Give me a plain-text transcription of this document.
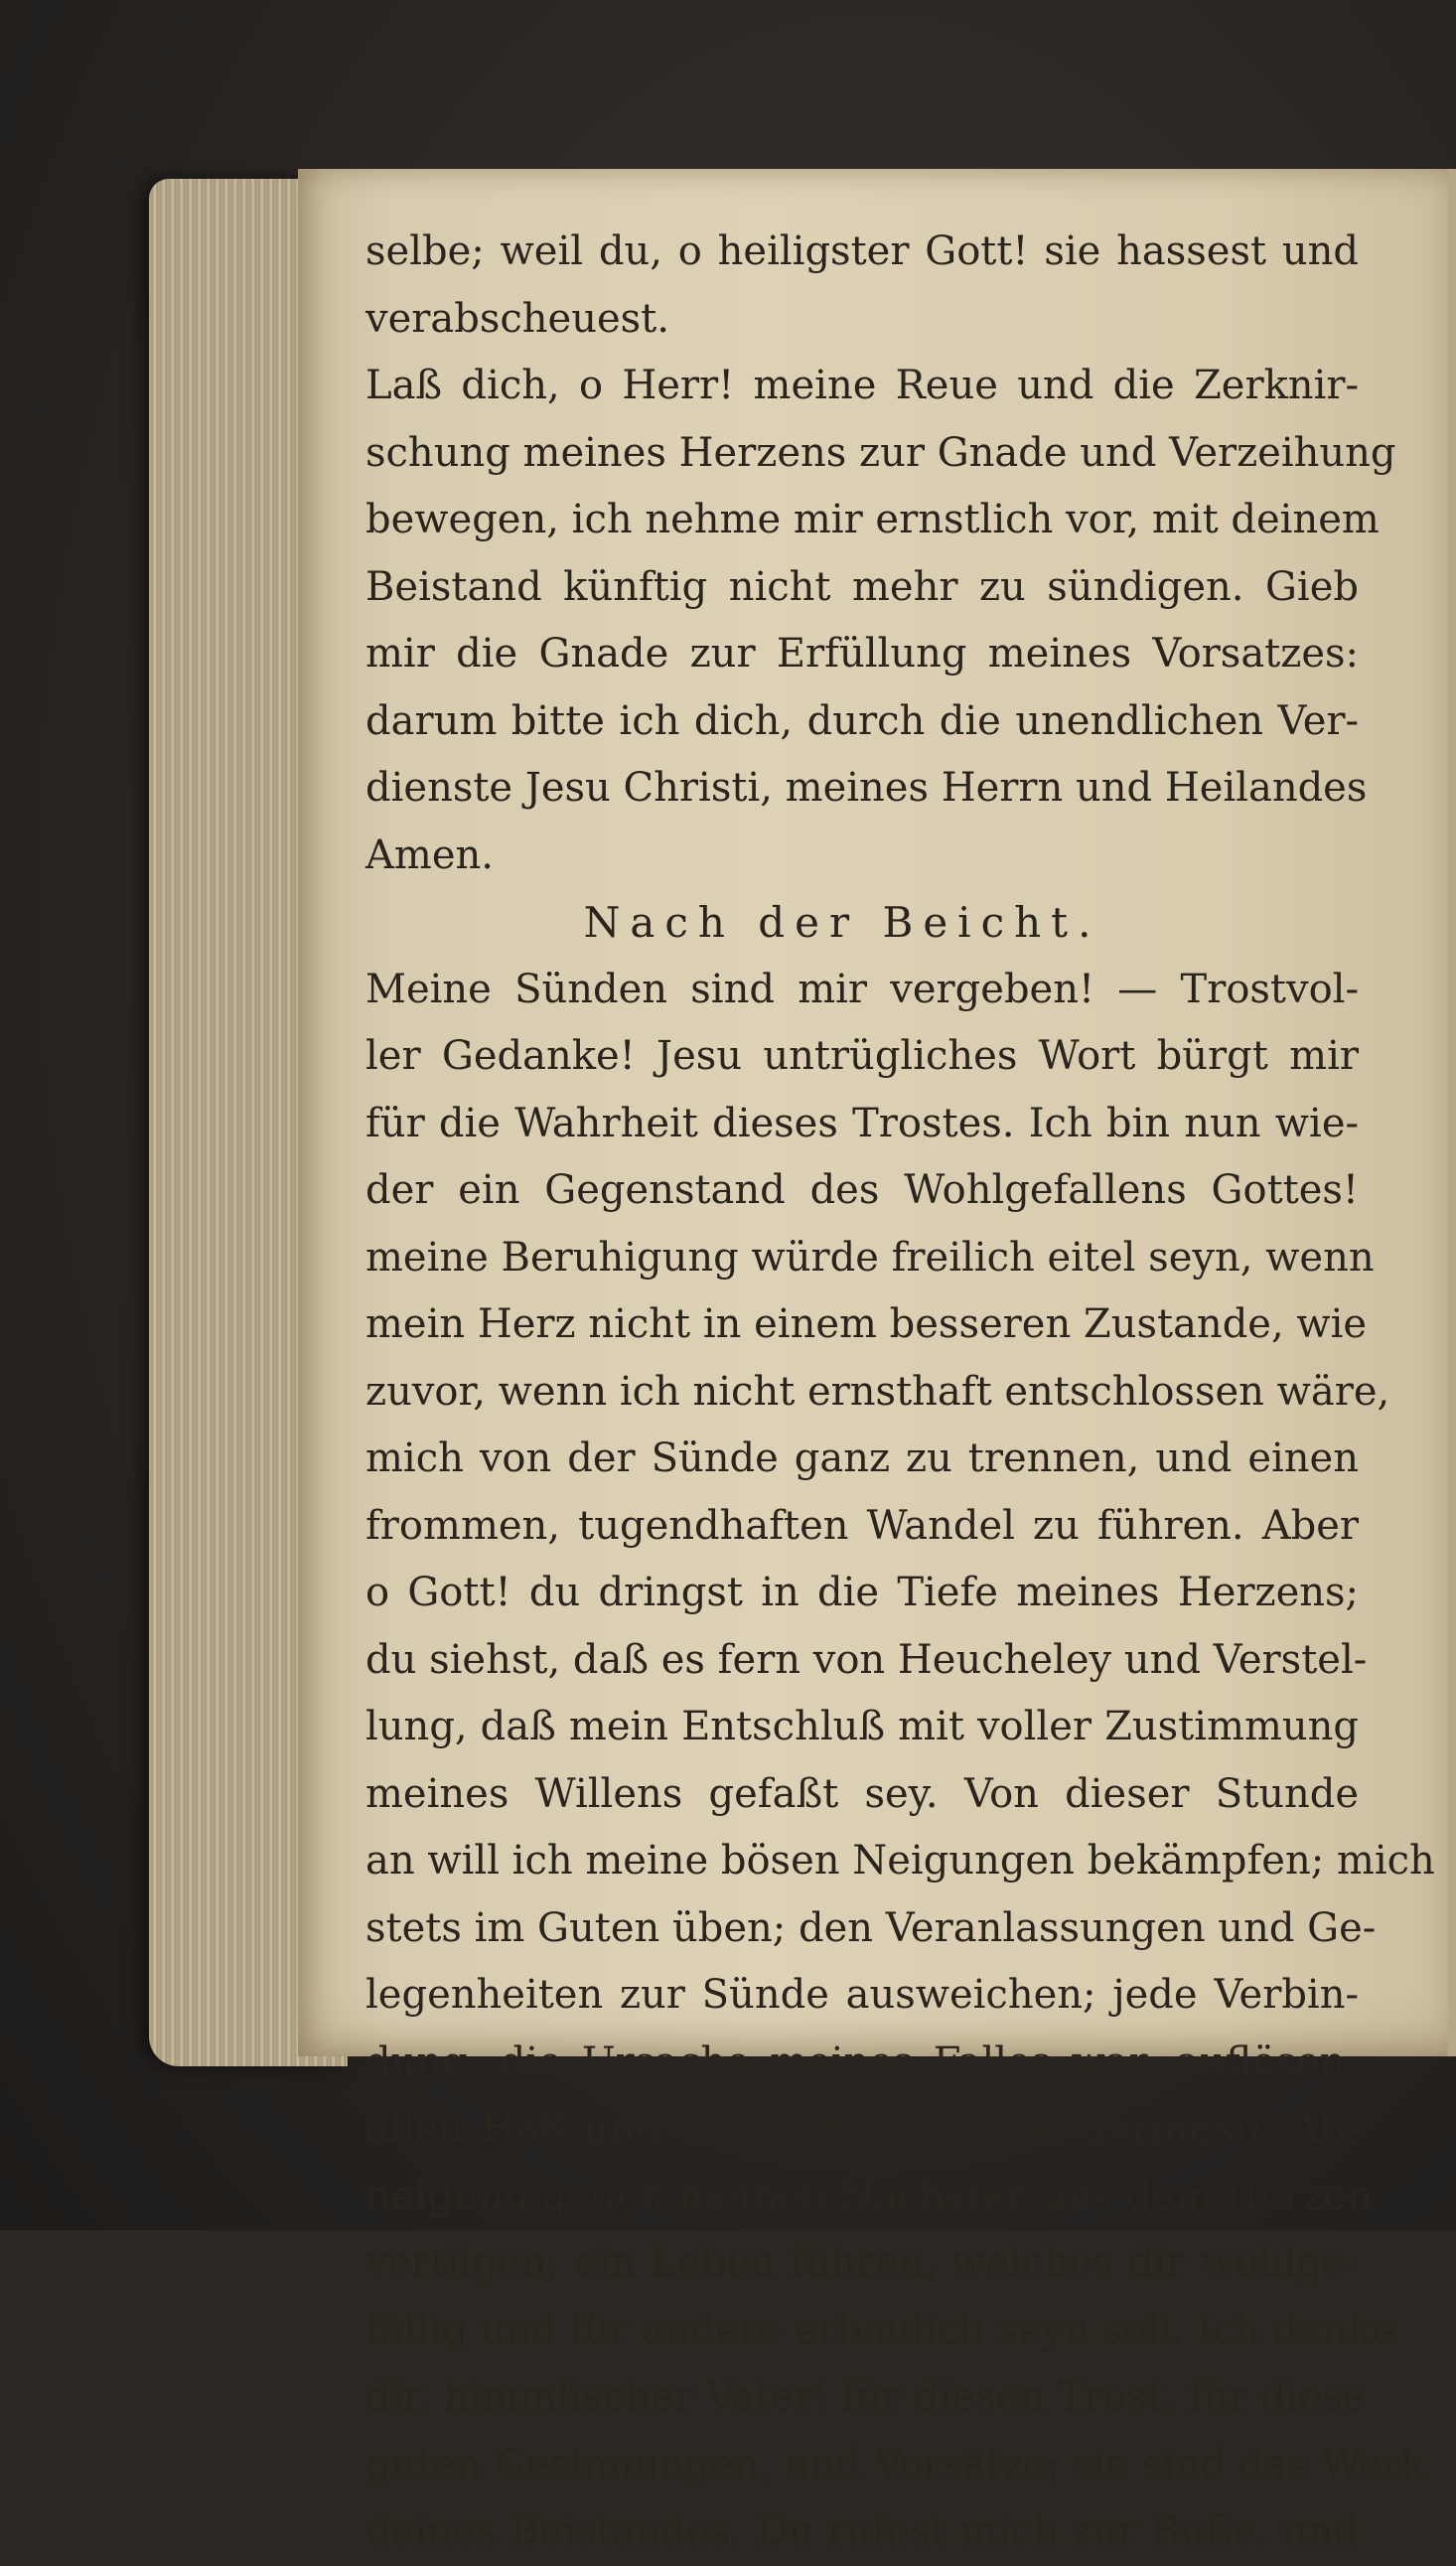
selbe; weil du, o heiligster Gott! sie hassest und
verabscheuest.
Laß dich, o Herr! meine Reue und die Zerknir-
schung meines Herzens zur Gnade und Verzeihung
bewegen, ich nehme mir ernstlich vor, mit deinem
Beistand künftig nicht mehr zu sündigen. Gieb
mir die Gnade zur Erfüllung meines Vorsatzes:
darum bitte ich dich, durch die unendlichen Ver-
dienste Jesu Christi, meines Herrn und Heilandes
Amen.
Nach der Beicht.
Meine Sünden sind mir vergeben! — Trostvol-
ler Gedanke! Jesu untrügliches Wort bürgt mir
für die Wahrheit dieses Trostes. Ich bin nun wie-
der ein Gegenstand des Wohlgefallens Gottes!
meine Beruhigung würde freilich eitel seyn, wenn
mein Herz nicht in einem besseren Zustande, wie
zuvor, wenn ich nicht ernsthaft entschlossen wäre,
mich von der Sünde ganz zu trennen, und einen
frommen, tugendhaften Wandel zu führen. Aber
o Gott! du dringst in die Tiefe meines Herzens;
du siehst, daß es fern von Heucheley und Verstel-
lung, daß mein Entschluß mit voller Zustimmung
meines Willens gefaßt sey. Von dieser Stunde
an will ich meine bösen Neigungen bekämpfen; mich
stets im Guten üben; den Veranlassungen und Ge-
legenheiten zur Sünde ausweichen; jede Verbin-
dung, die Ursache meines Falles war, auflösen;
allen Haß und Groll und auch die geringste Ab-
neigung gegen meinen Nächsten aus dem Herzen
vertilgen; ein Leben führen, welches dir wohlge-
fällig und für andere erbaulich seyn soll. Ich danke
dir, himmlischer Vater! für diesen Trost, für diese
guten Gesinnungen, und Vorsätze; sie sind das Werk
deines Beistandes. Du rufest mich zur Buße, und
